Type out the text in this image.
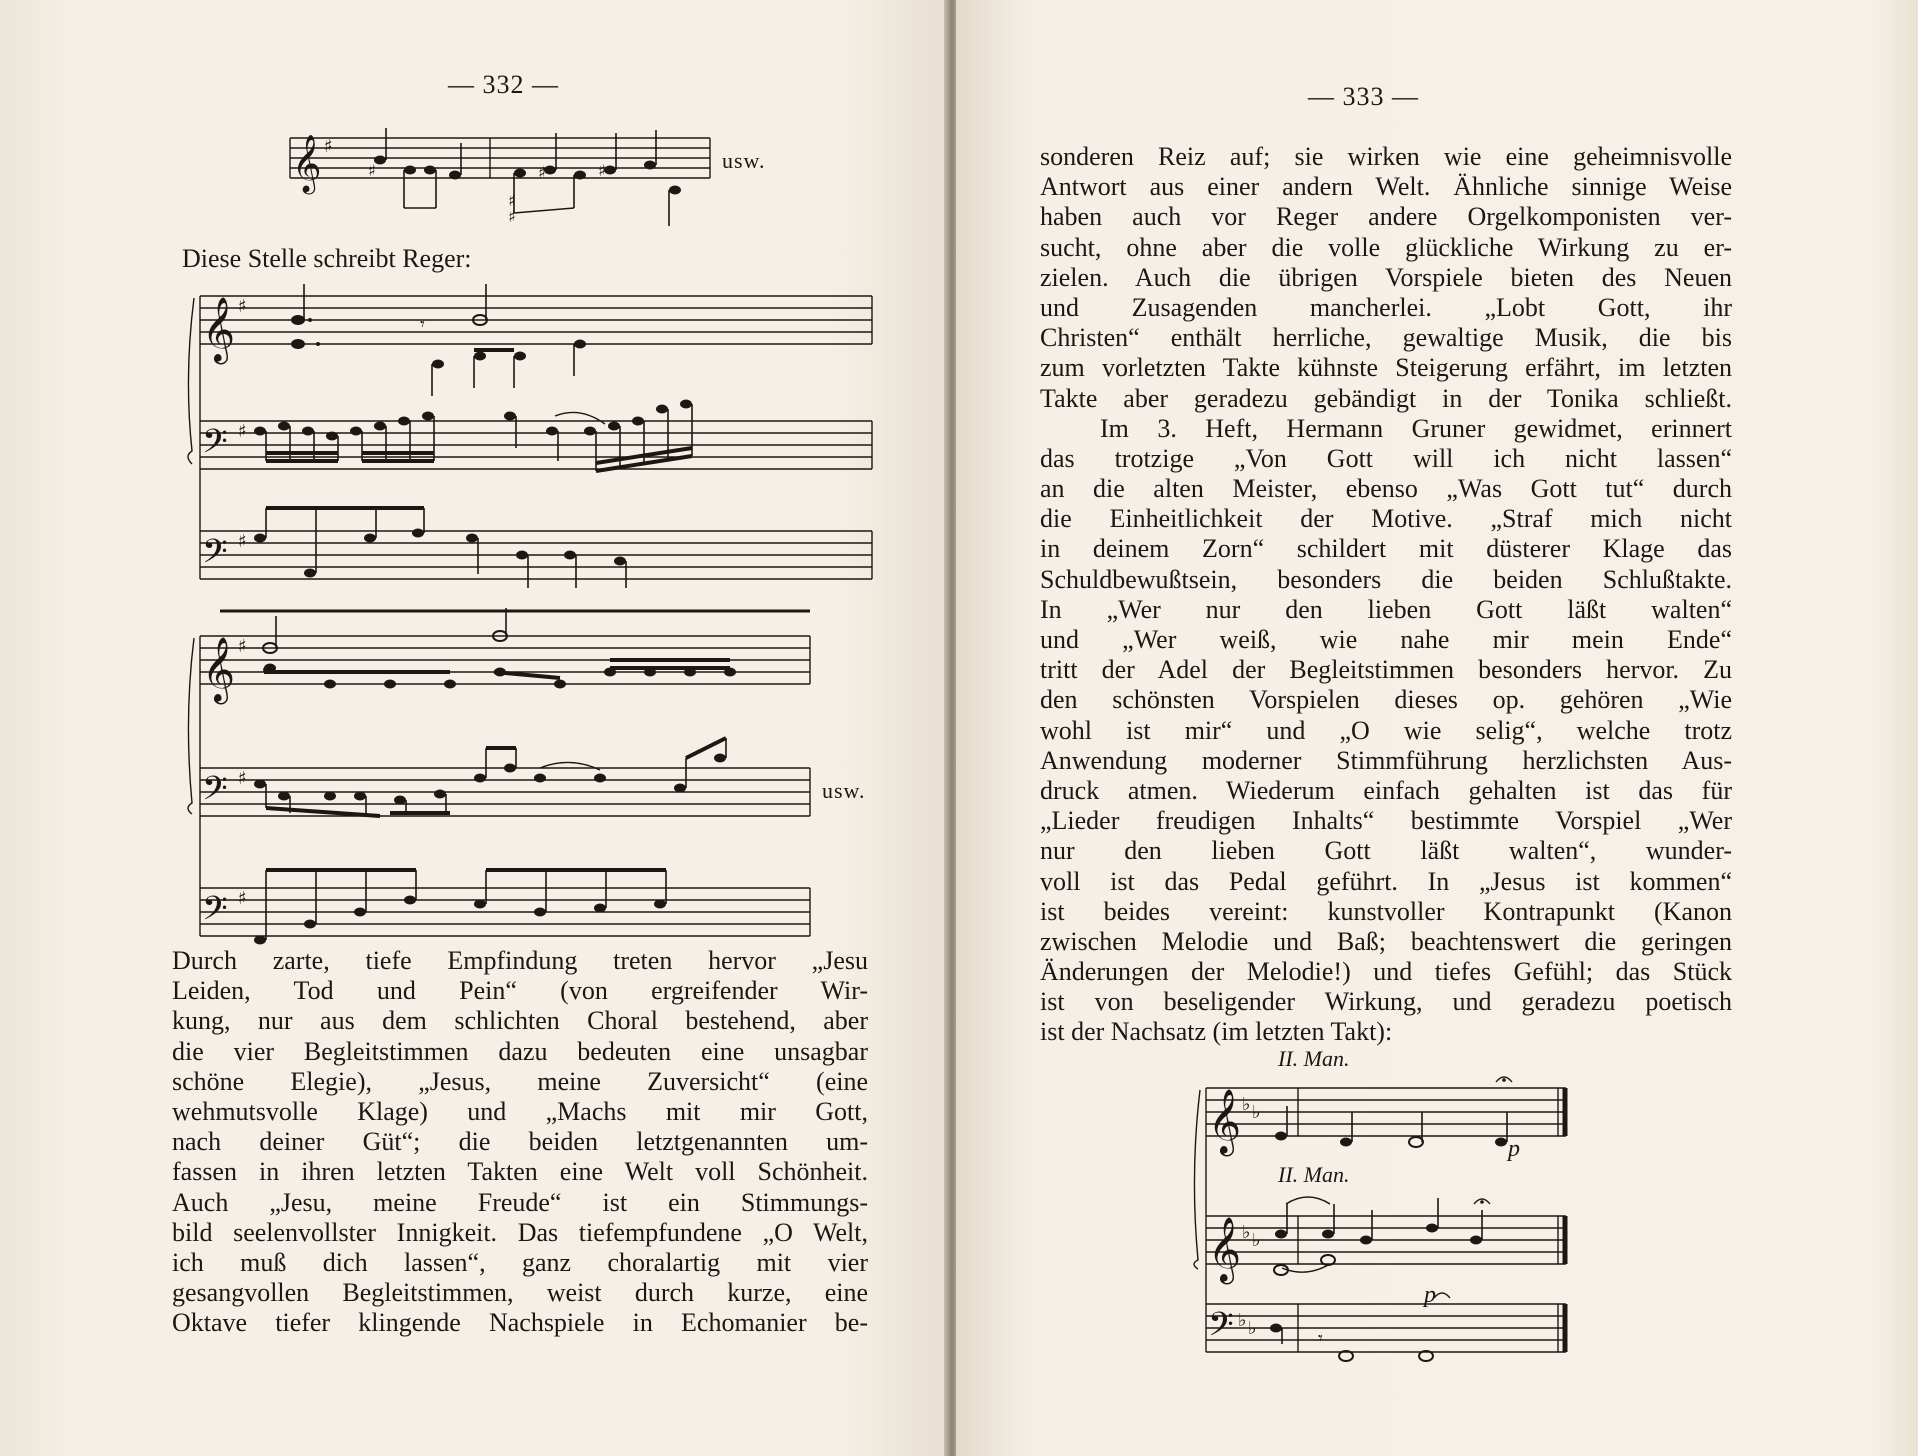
— 332 —
𝄞 ♯
♯
♯
♯	♯
♯
usw.
Diese Stelle schreibt Reger:
𝄞
𝄢
𝄢
♯
♯
♯
𝄾
𝄞
𝄢
𝄢
♯
♯
♯
usw.
Durch zarte, tiefe Empfindung treten hervor „Jesu
Leiden, Tod und Pein“ (von ergreifender Wir-
kung, nur aus dem schlichten Choral bestehend, aber
die vier Begleitstimmen dazu bedeuten eine unsagbar
schöne Elegie), „Jesus, meine Zuversicht“ (eine
wehmutsvolle Klage) und „Machs mit mir Gott,
nach deiner Güt“; die beiden letztgenannten um-
fassen in ihren letzten Takten eine Welt voll Schönheit.
Auch „Jesu, meine Freude“ ist ein Stimmungs-
bild seelenvollster Innigkeit. Das tiefempfundene „O Welt,
ich muß dich lassen“, ganz choralartig mit vier
gesangvollen Begleitstimmen, weist durch kurze, eine
Oktave tiefer klingende Nachspiele in Echomanier be-
— 333 —
sonderen Reiz auf; sie wirken wie eine geheimnisvolle
Antwort aus einer andern Welt. Ähnliche sinnige Weise
haben auch vor Reger andere Orgelkomponisten ver-
sucht, ohne aber die volle glückliche Wirkung zu er-
zielen. Auch die übrigen Vorspiele bieten des Neuen
und Zusagenden mancherlei. „Lobt Gott, ihr
Christen“ enthält herrliche, gewaltige Musik, die bis
zum vorletzten Takte kühnste Steigerung erfährt, im letzten
Takte aber geradezu gebändigt in der Tonika schließt.
Im 3. Heft, Hermann Gruner gewidmet, erinnert
das trotzige „Von Gott will ich nicht lassen“
an die alten Meister, ebenso „Was Gott tut“ durch
die Einheitlichkeit der Motive. „Straf mich nicht
in deinem Zorn“ schildert mit düsterer Klage das
Schuldbewußtsein, besonders die beiden Schlußtakte.
In „Wer nur den lieben Gott läßt walten“
und „Wer weiß, wie nahe mir mein Ende“
tritt der Adel der Begleitstimmen besonders hervor. Zu
den schönsten Vorspielen dieses op. gehören „Wie
wohl ist mir“ und „O wie selig“, welche trotz
Anwendung moderner Stimmführung herzlichsten Aus-
druck atmen. Wiederum einfach gehalten ist das für
„Lieder freudigen Inhalts“ bestimmte Vorspiel „Wer
nur den lieben Gott läßt walten“, wunder-
voll ist das Pedal geführt. In „Jesus ist kommen“
ist beides vereint: kunstvoller Kontrapunkt (Kanon
zwischen Melodie und Baß; beachtenswert die geringen
Änderungen der Melodie!) und tiefes Gefühl; das Stück
ist von beseligender Wirkung, und geradezu poetisch
ist der Nachsatz (im letzten Takt):
II. Man.
II. Man.
p
p
𝄞
𝄞
𝄢
♭ ♭
♭ ♭
♭ ♭	𝄾
